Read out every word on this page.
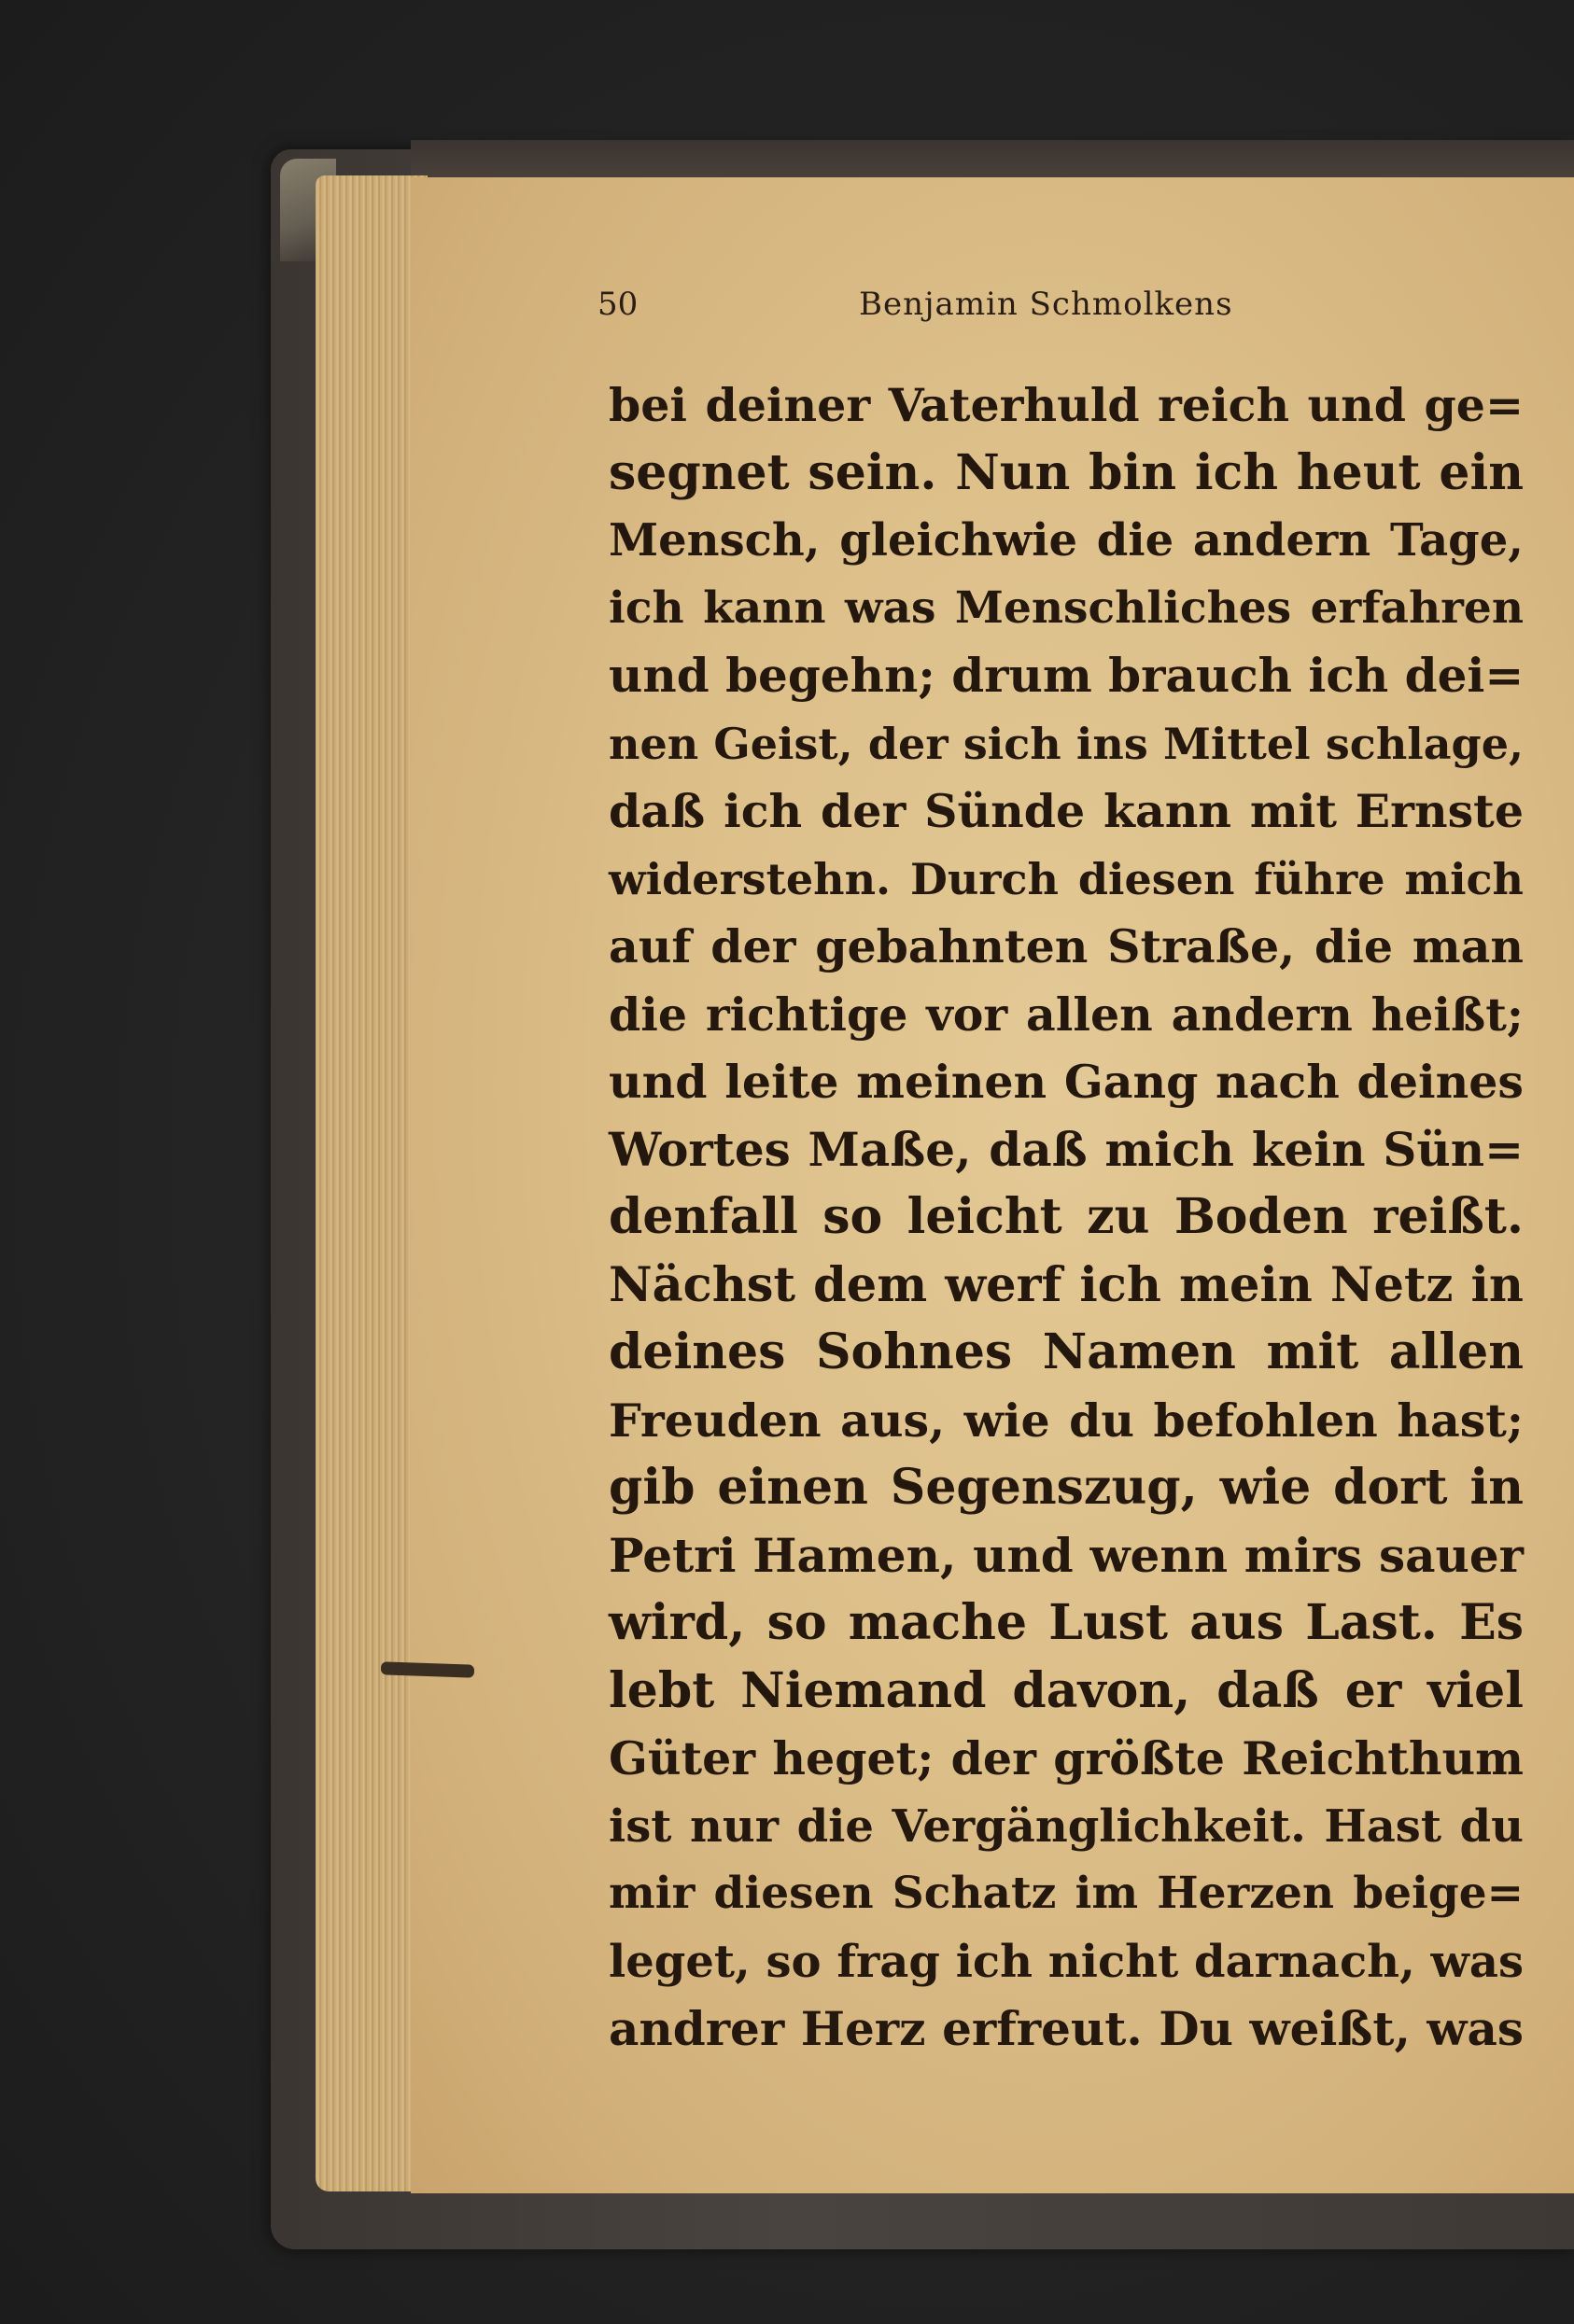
50	Benjamin Schmolkens
bei deiner Vaterhuld reich und ge=
segnet sein. Nun bin ich heut ein
Mensch, gleichwie die andern Tage,
ich kann was Menschliches erfahren
und begehn; drum brauch ich dei=
nen Geist, der sich ins Mittel schlage,
daß ich der Sünde kann mit Ernste
widerstehn. Durch diesen führe mich
auf der gebahnten Straße, die man
die richtige vor allen andern heißt;
und leite meinen Gang nach deines
Wortes Maße, daß mich kein Sün=
denfall so leicht zu Boden reißt.
Nächst dem werf ich mein Netz in
deines Sohnes Namen mit allen
Freuden aus, wie du befohlen hast;
gib einen Segenszug, wie dort in
Petri Hamen, und wenn mirs sauer
wird, so mache Lust aus Last. Es
lebt Niemand davon, daß er viel
Güter heget; der größte Reichthum
ist nur die Vergänglichkeit. Hast du
mir diesen Schatz im Herzen beige=
leget, so frag ich nicht darnach, was
andrer Herz erfreut. Du weißt, was
